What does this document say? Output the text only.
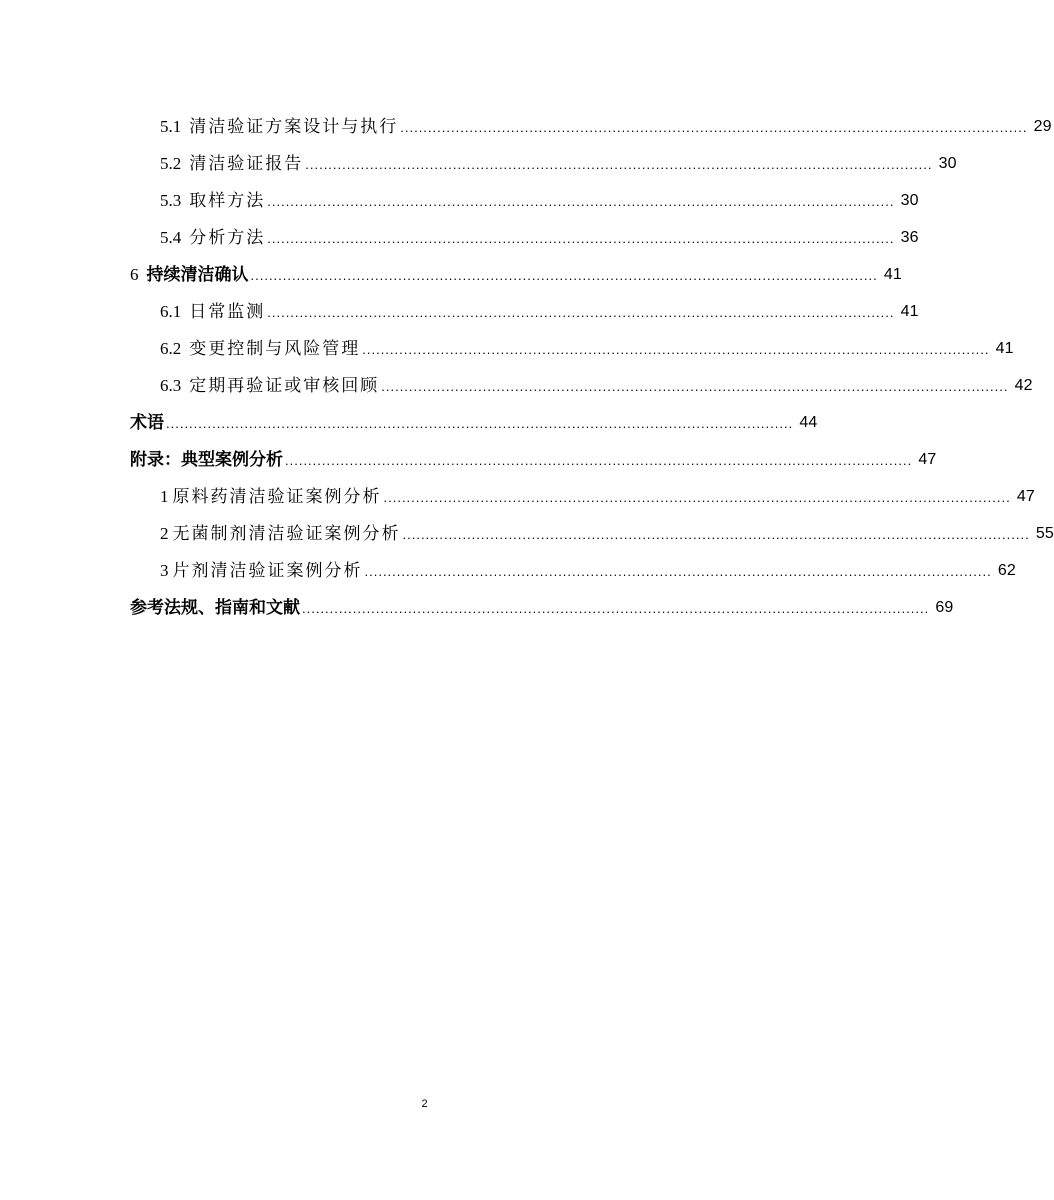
5.1 清洁验证方案设计与执行 ........................................................................................................................................ 29
5.2 清洁验证报告 ........................................................................................................................................ 30
5.3 取样方法 ........................................................................................................................................ 30
5.4 分析方法 ........................................................................................................................................ 36
6 持续清洁确认 ........................................................................................................................................ 41
6.1 日常监测 ........................................................................................................................................ 41
6.2 变更控制与风险管理 ........................................................................................................................................ 41
6.3 定期再验证或审核回顾 ........................................................................................................................................ 42
术语 ........................................................................................................................................ 44
附录：典型案例分析 ........................................................................................................................................ 47
1 原料药清洁验证案例分析 ........................................................................................................................................ 47
2 无菌制剂清洁验证案例分析 ........................................................................................................................................ 55
3 片剂清洁验证案例分析 ........................................................................................................................................ 62
参考法规、指南和文献 ........................................................................................................................................ 69
2
